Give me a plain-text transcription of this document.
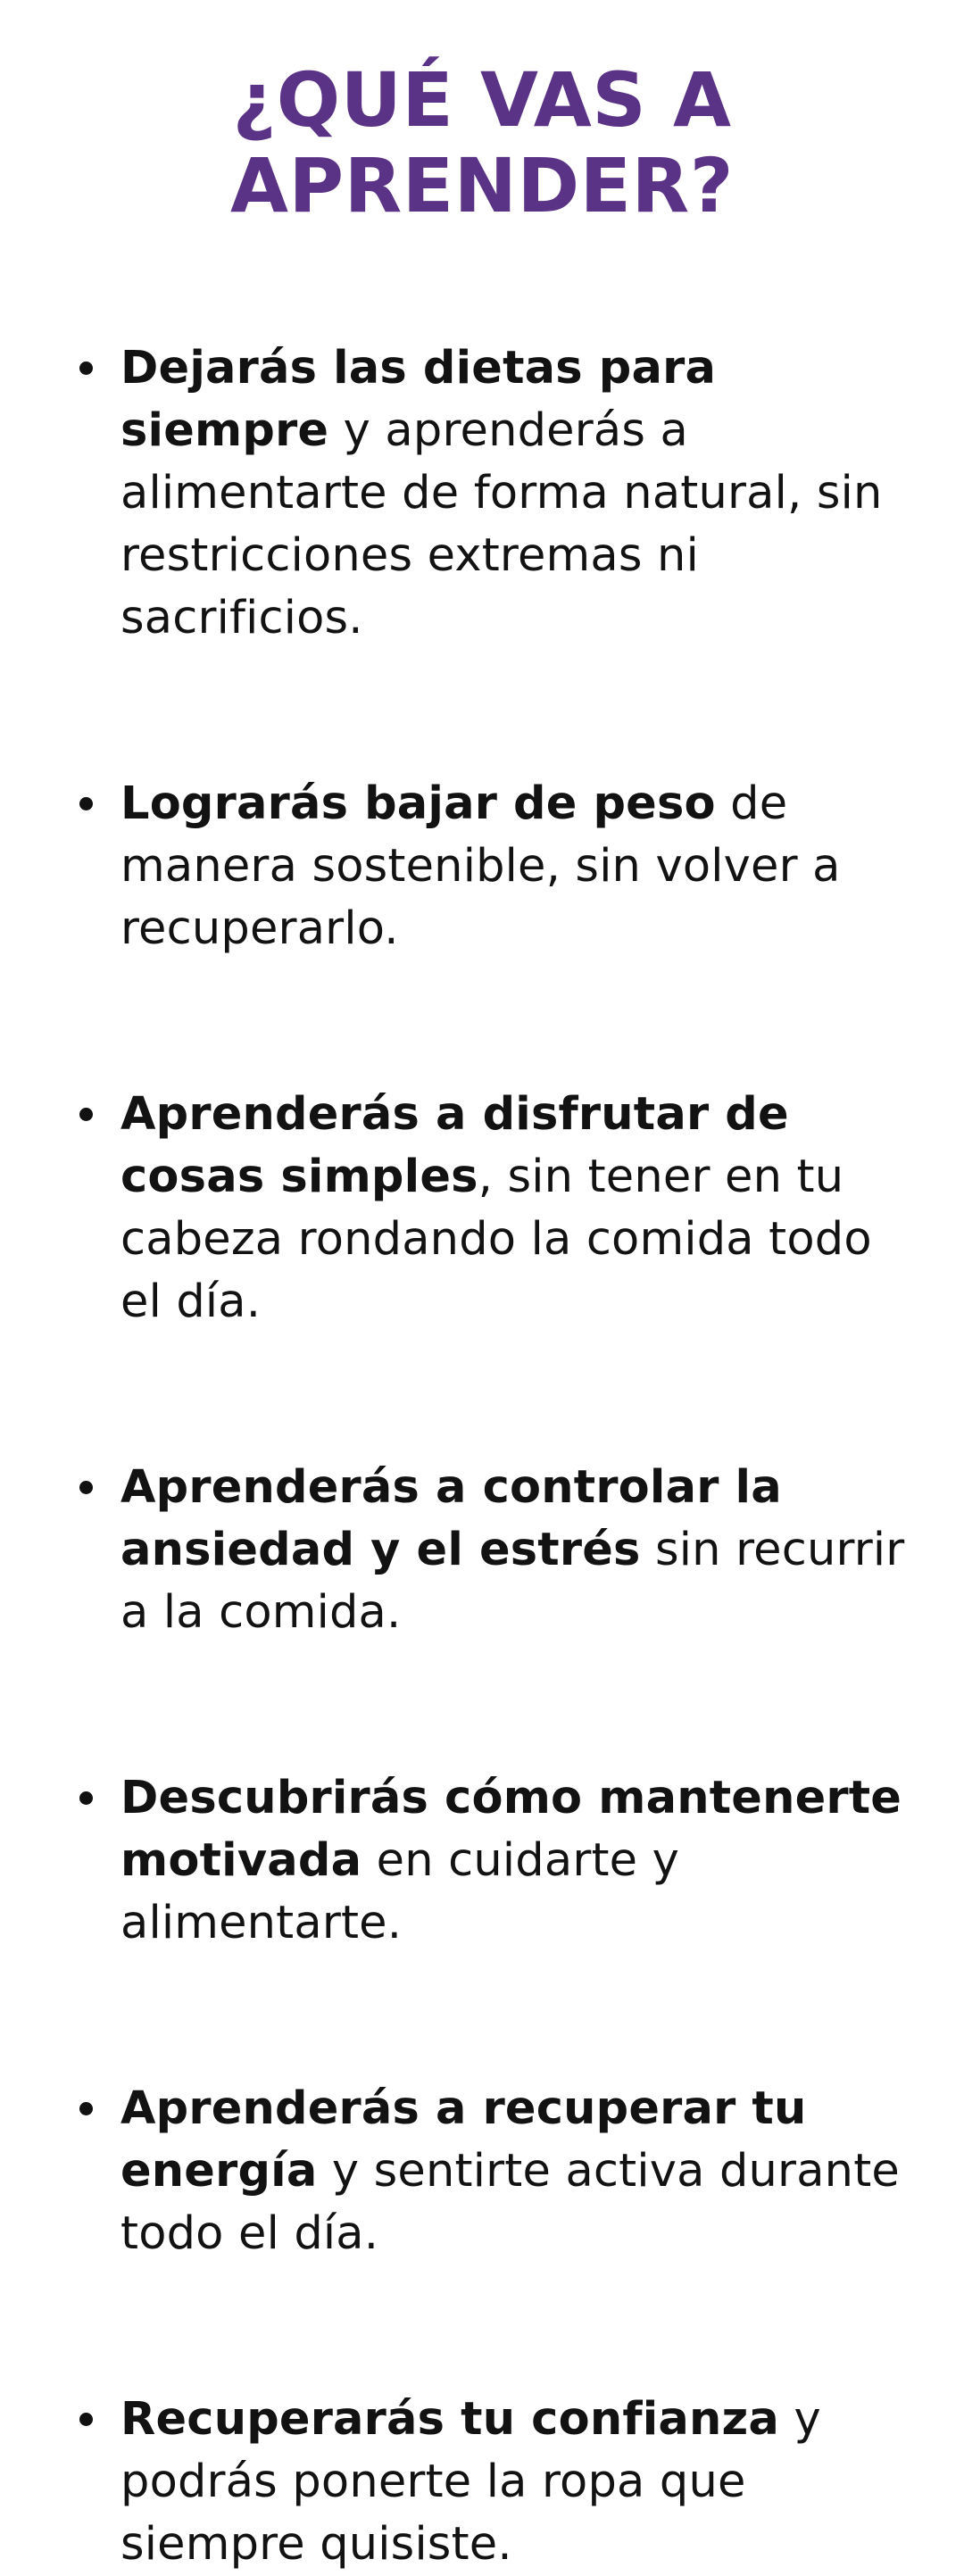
¿QUÉ VAS A
APRENDER?
Dejarás las dietas para siempre y aprenderás a alimentarte de forma natural, sin restricciones extremas ni sacrificios.
Lograrás bajar de peso de manera sostenible, sin volver a recuperarlo.
Aprenderás a disfrutar de cosas simples, sin tener en tu cabeza rondando la comida todo el día.
Aprenderás a controlar la ansiedad y el estrés sin recurrir a la comida.
Descubrirás cómo mantenerte motivada en cuidarte y alimentarte.
Aprenderás a recuperar tu energía y sentirte activa durante todo el día.
Recuperarás tu confianza y podrás ponerte la ropa que siempre quisiste.
